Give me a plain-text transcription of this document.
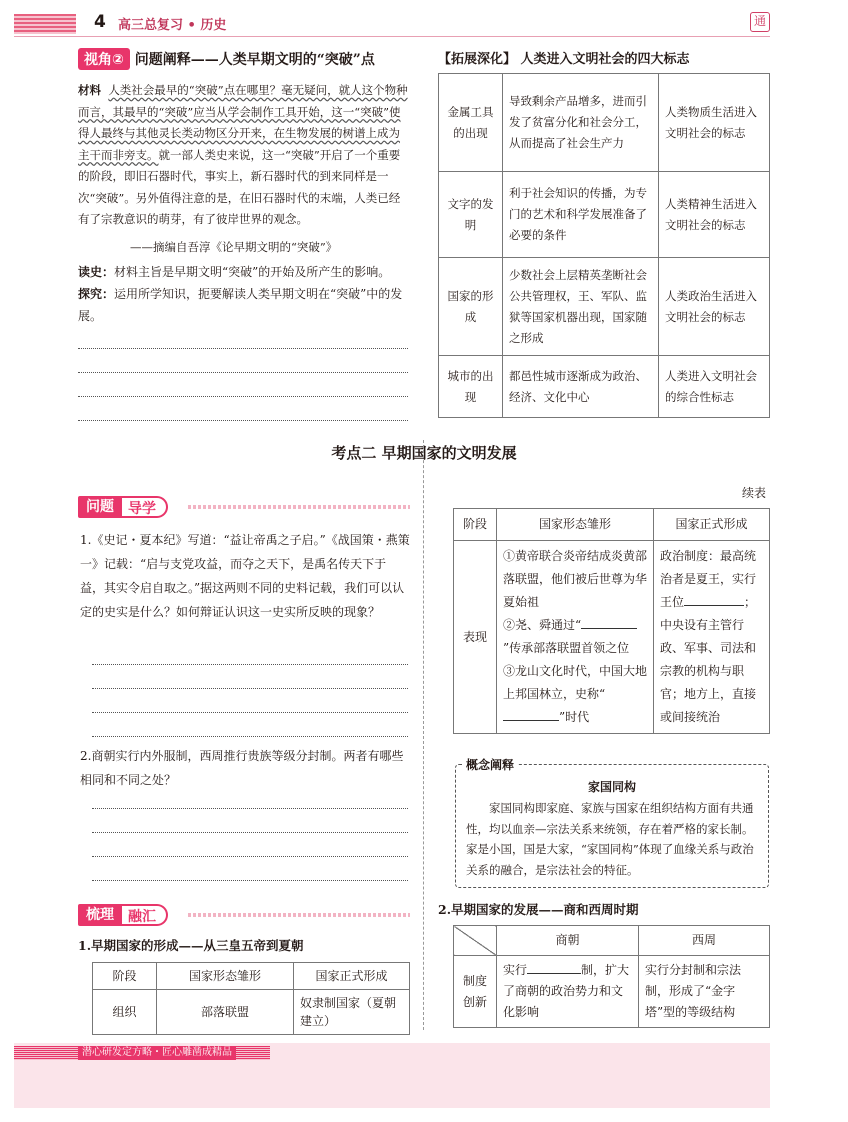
4 高三总复习 • 历史	通
视角② 问题阐释——人类早期文明的“突破”点
材料 人类社会最早的“突破”点在哪里？毫无疑问，就人这个物种而言，其最早的“突破”应当从学会制作工具开始，这一“突破”使得人最终与其他灵长类动物区分开来，在生物发展的树谱上成为主干而非旁支。就一部人类史来说，这一“突破”开启了一个重要的阶段，即旧石器时代，事实上，新石器时代的到来同样是一次“突破”。另外值得注意的是，在旧石器时代的末端，人类已经有了宗教意识的萌芽，有了彼岸世界的观念。
——摘编自吾淳《论早期文明的“突破”》
读史：材料主旨是早期文明“突破”的开始及所产生的影响。
探究：运用所学知识，扼要解读人类早期文明在“突破”中的发展。
【拓展深化】 人类进入文明社会的四大标志
金属工具的出现	导致剩余产品增多，进而引发了贫富分化和社会分工，从而提高了社会生产力	人类物质生活进入文明社会的标志
文字的发明	利于社会知识的传播，为专门的艺术和科学发展准备了必要的条件	人类精神生活进入文明社会的标志
国家的形成	少数社会上层精英垄断社会公共管理权，王、军队、监狱等国家机器出现，国家随之形成	人类政治生活进入文明社会的标志
城市的出现	都邑性城市逐渐成为政治、经济、文化中心	人类进入文明社会的综合性标志
考点二 早期国家的文明发展
问题 导学
1.《史记・夏本纪》写道：“益让帝禹之子启。”《战国策・燕策一》记载：“启与支党攻益，而夺之天下，是禹名传天下于益，其实令启自取之。”据这两则不同的史料记载，我们可以认定的史实是什么？如何辩证认识这一史实所反映的现象？
2.商朝实行内外服制，西周推行贵族等级分封制。两者有哪些相同和不同之处？
梳理 融汇
1.早期国家的形成——从三皇五帝到夏朝
阶段	国家形态雏形	国家正式形成
组织	部落联盟	奴隶制国家（夏朝建立）
续表
阶段	国家形态雏形	国家正式形成
表现	①黄帝联合炎帝结成炎黄部落联盟，他们被后世尊为华夏始祖
②尧、舜通过“”传承部落联盟首领之位
③龙山文化时代，中国大地上邦国林立，史称“”时代	政治制度：最高统治者是夏王，实行王位 ；中央设有主管行政、军事、司法和宗教的机构与职官；地方上，直接或间接统治
概念阐释
家国同构
家国同构即家庭、家族与国家在组织结构方面有共通性，均以血亲—宗法关系来统领，存在着严格的家长制。家是小国，国是大家，“家国同构”体现了血缘关系与政治关系的融合，是宗法社会的特征。
2.早期国家的发展——商和西周时期
	商朝	西周
制度创新	实行 制，扩大了商朝的政治势力和文化影响	实行分封制和宗法制，形成了“金字塔”型的等级结构
潜心研发定方略・匠心雕凿成精品
